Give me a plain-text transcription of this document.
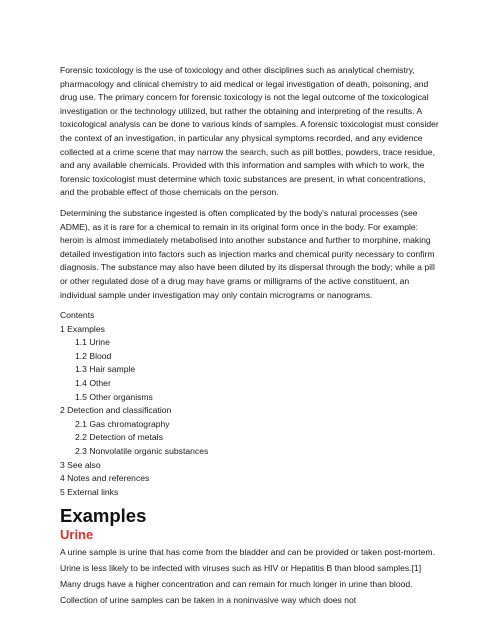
Forensic toxicology is the use of toxicology and other disciplines such as analytical chemistry, pharmacology and clinical chemistry to aid medical or legal investigation of death, poisoning, and drug use. The primary concern for forensic toxicology is not the legal outcome of the toxicological investigation or the technology utilized, but rather the obtaining and interpreting of the results. A toxicological analysis can be done to various kinds of samples. A forensic toxicologist must consider the context of an investigation, in particular any physical symptoms recorded, and any evidence collected at a crime scene that may narrow the search, such as pill bottles, powders, trace residue, and any available chemicals. Provided with this information and samples with which to work, the forensic toxicologist must determine which toxic substances are present, in what concentrations, and the probable effect of those chemicals on the person.

Determining the substance ingested is often complicated by the body's natural processes (see ADME), as it is rare for a chemical to remain in its original form once in the body. For example: heroin is almost immediately metabolised into another substance and further to morphine, making detailed investigation into factors such as injection marks and chemical purity necessary to confirm diagnosis. The substance may also have been diluted by its dispersal through the body; while a pill or other regulated dose of a drug may have grams or milligrams of the active constituent, an individual sample under investigation may only contain micrograms or nanograms.

Contents
1 Examples
1.1 Urine
1.2 Blood
1.3 Hair sample
1.4 Other
1.5 Other organisms
2 Detection and classification
2.1 Gas chromatography
2.2 Detection of metals
2.3 Nonvolatile organic substances
3 See also
4 Notes and references
5 External links
Examples
Urine

A urine sample is urine that has come from the bladder and can be provided or taken post-mortem. Urine is less likely to be infected with viruses such as HIV or Hepatitis B than blood samples.[1] Many drugs have a higher concentration and can remain for much longer in urine than blood. Collection of urine samples can be taken in a noninvasive way which does not
